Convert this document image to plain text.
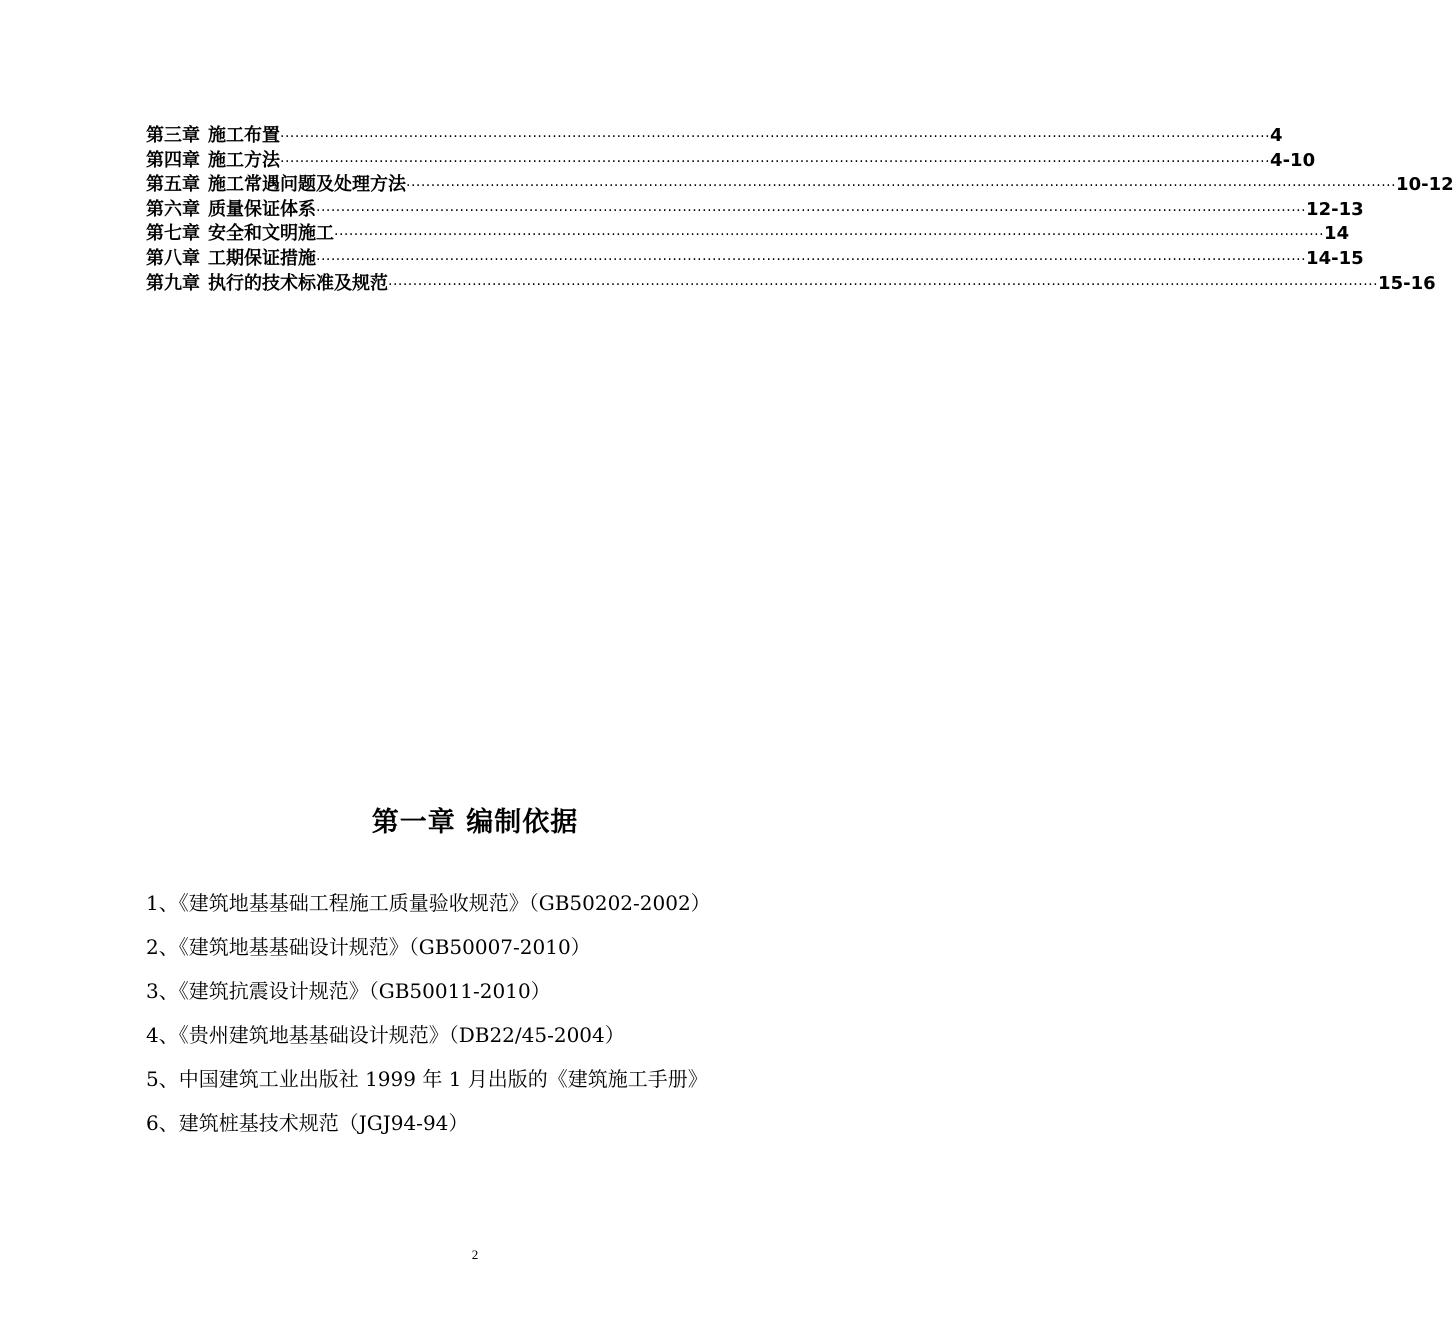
第三章 施工布置 ········································································································································································································ 4
第四章 施工方法 ········································································································································································································ 4-10
第五章 施工常遇问题及处理方法 ········································································································································································································ 10-12
第六章 质量保证体系 ········································································································································································································ 12-13
第七章 安全和文明施工 ········································································································································································································ 14
第八章 工期保证措施 ········································································································································································································ 14-15
第九章 执行的技术标准及规范 ········································································································································································································ 15-16
第一章 编制依据
1、《建筑地基基础工程施工质量验收规范》（GB50202-2002）
2、《建筑地基基础设计规范》（GB50007-2010）
3、《建筑抗震设计规范》（GB50011-2010）
4、《贵州建筑地基基础设计规范》（DB22/45-2004）
5、中国建筑工业出版社 1999 年 1 月出版的《建筑施工手册》
6、建筑桩基技术规范（JGJ94-94）
2
